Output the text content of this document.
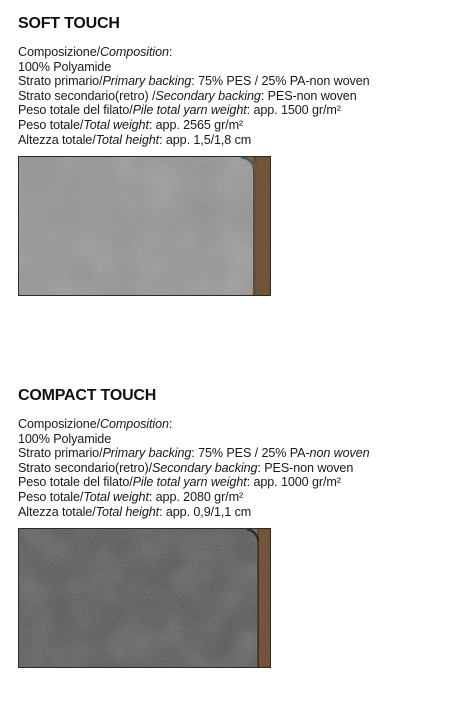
SOFT TOUCH
Composizione/Composition:
100% Polyamide
Strato primario/Primary backing: 75% PES / 25% PA-non woven
Strato secondario(retro) /Secondary backing: PES-non woven
Peso totale del filato/Pile total yarn weight: app. 1500 gr/m²
Peso totale/Total weight: app. 2565 gr/m²
Altezza totale/Total height: app. 1,5/1,8 cm
COMPACT TOUCH
Composizione/Composition:
100% Polyamide
Strato primario/Primary backing: 75% PES / 25% PA-non woven
Strato secondario(retro)/Secondary backing: PES-non woven
Peso totale del filato/Pile total yarn weight: app. 1000 gr/m²
Peso totale/Total weight: app. 2080 gr/m²
Altezza totale/Total height: app. 0,9/1,1 cm
